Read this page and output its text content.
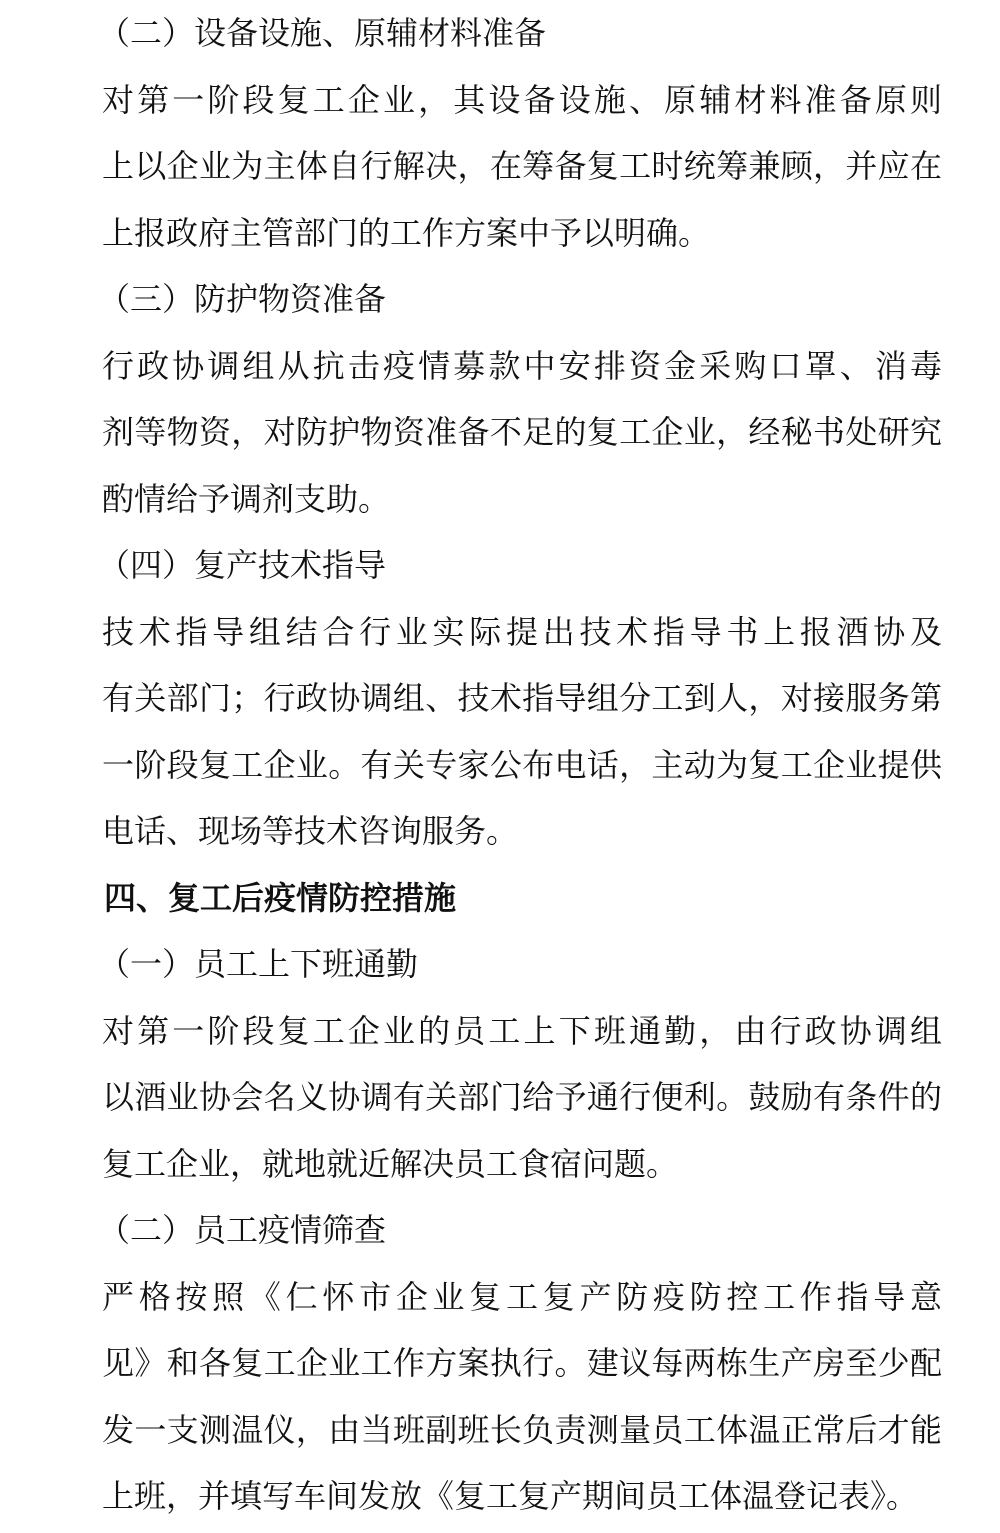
（二）设备设施、原辅材料准备

对第一阶段复工企业，其设备设施、原辅材料准备原则
上以企业为主体自行解决，在筹备复工时统筹兼顾，并应在
上报政府主管部门的工作方案中予以明确。

（三）防护物资准备

行政协调组从抗击疫情募款中安排资金采购口罩、消毒
剂等物资，对防护物资准备不足的复工企业，经秘书处研究
酌情给予调剂支助。

（四）复产技术指导

技术指导组结合行业实际提出技术指导书上报酒协及
有关部门；行政协调组、技术指导组分工到人，对接服务第
一阶段复工企业。有关专家公布电话，主动为复工企业提供
电话、现场等技术咨询服务。

四、复工后疫情防控措施

（一）员工上下班通勤

对第一阶段复工企业的员工上下班通勤，由行政协调组
以酒业协会名义协调有关部门给予通行便利。鼓励有条件的
复工企业，就地就近解决员工食宿问题。

（二）员工疫情筛查

严格按照《仁怀市企业复工复产防疫防控工作指导意
见》和各复工企业工作方案执行。建议每两栋生产房至少配
发一支测温仪，由当班副班长负责测量员工体温正常后才能
上班，并填写车间发放《复工复产期间员工体温登记表》。
